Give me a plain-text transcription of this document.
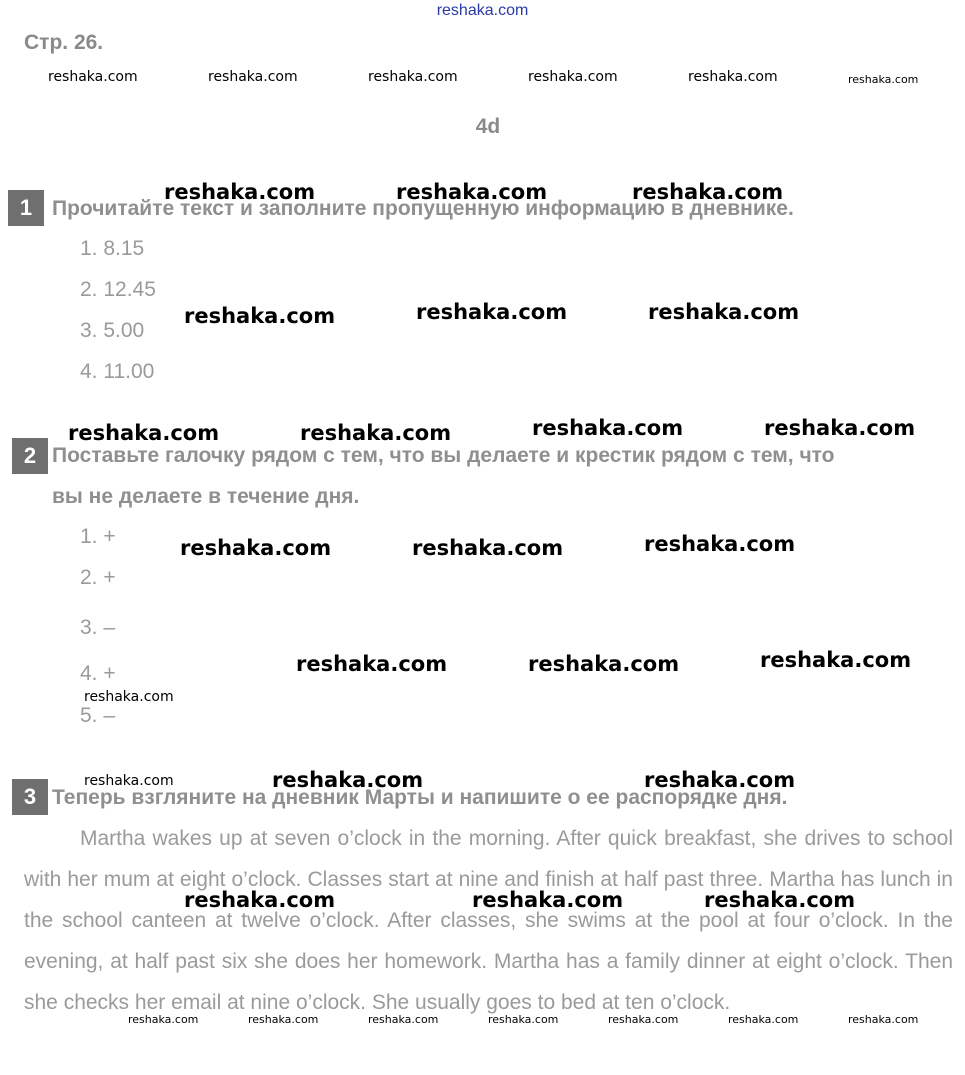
reshaka.com
Стр. 26.
reshaka.com	reshaka.com	reshaka.com	reshaka.com	reshaka.com	reshaka.com
4d
reshaka.com	reshaka.com	reshaka.com
1 Прочитайте текст и заполните пропущенную информацию в дневнике.
1. 8.15
2. 12.45
3. 5.00
4. 11.00
reshaka.com	reshaka.com	reshaka.com
reshaka.com	reshaka.com	reshaka.com	reshaka.com
2 Поставьте галочку рядом с тем, что вы делаете и крестик рядом с тем, что
вы не делаете в течение дня.
1. +
2. +
3. –
4. +
5. –
reshaka.com	reshaka.com	reshaka.com
reshaka.com	reshaka.com	reshaka.com
reshaka.com
reshaka.com	reshaka.com	reshaka.com
3 Теперь взгляните на дневник Марты и напишите о ее распорядке дня.

Martha wakes up at seven o’clock in the morning. After quick breakfast, she drives to school with her mum at eight o’clock. Classes start at nine and finish at half past three. Martha has lunch in the school canteen at twelve o’clock. After classes, she swims at the pool at four o’clock. In the evening, at half past six she does her homework. Martha has a family dinner at eight o’clock. Then she checks her email at nine o’clock. She usually goes to bed at ten o’clock.

reshaka.com	reshaka.com	reshaka.com
reshaka.com	reshaka.com	reshaka.com	reshaka.com	reshaka.com	reshaka.com	reshaka.com
